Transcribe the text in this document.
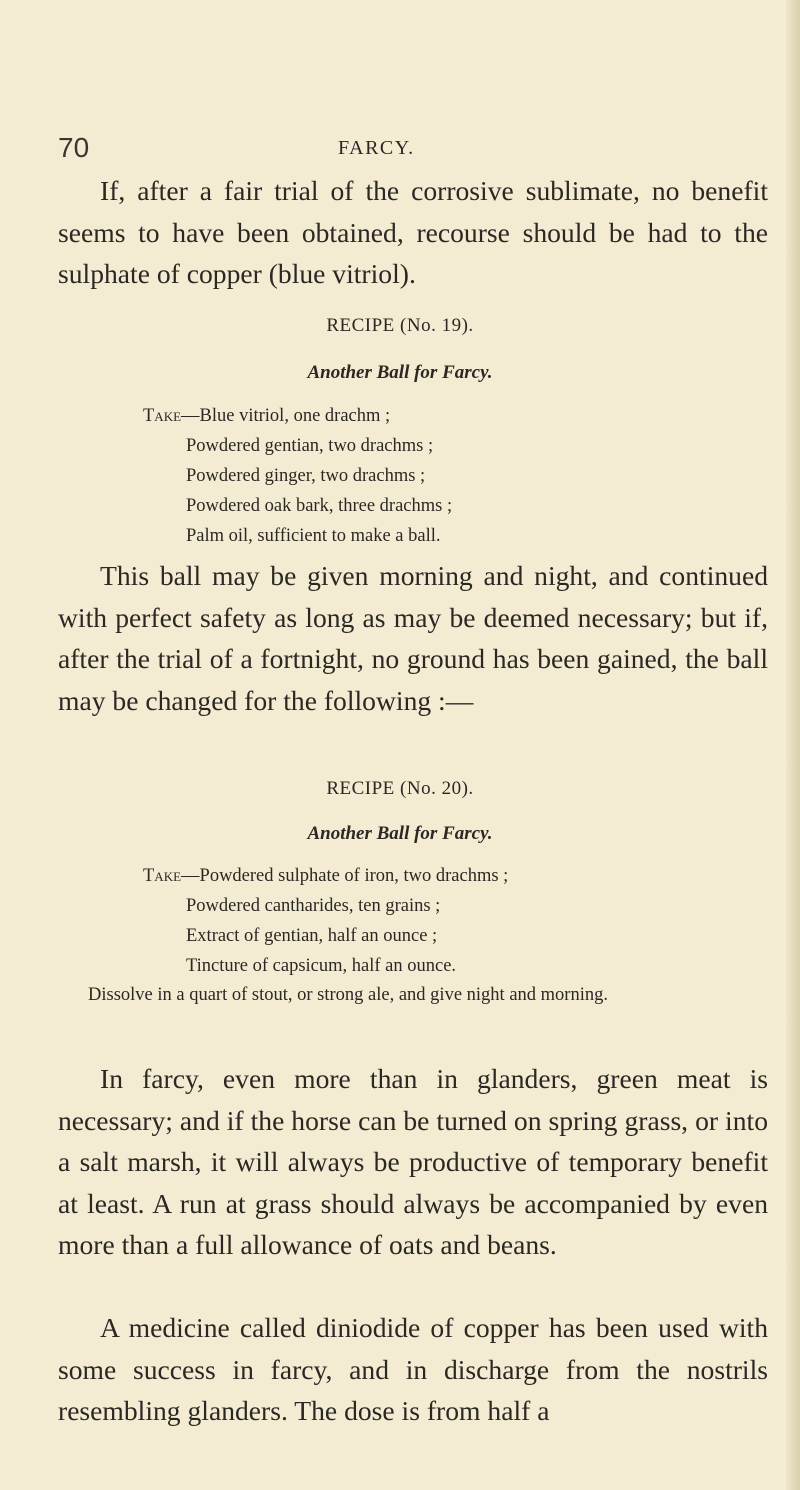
70	FARCY.

If, after a fair trial of the corrosive sublimate, no benefit seems to have been obtained, recourse should be had to the sulphate of copper (blue vitriol).

RECIPE (No. 19).
Another Ball for Farcy.
Take—Blue vitriol, one drachm ;
Powdered gentian, two drachms ;
Powdered ginger, two drachms ;
Powdered oak bark, three drachms ;
Palm oil, sufficient to make a ball.

This ball may be given morning and night, and continued with perfect safety as long as may be deemed necessary; but if, after the trial of a fortnight, no ground has been gained, the ball may be changed for the following :—

RECIPE (No. 20).
Another Ball for Farcy.
Take—Powdered sulphate of iron, two drachms ;
Powdered cantharides, ten grains ;
Extract of gentian, half an ounce ;
Tincture of capsicum, half an ounce.

Dissolve in a quart of stout, or strong ale, and give night and morning.

In farcy, even more than in glanders, green meat is necessary; and if the horse can be turned on spring grass, or into a salt marsh, it will always be productive of temporary benefit at least. A run at grass should always be accompanied by even more than a full allowance of oats and beans.

A medicine called diniodide of copper has been used with some success in farcy, and in discharge from the nostrils resembling glanders. The dose is from half a
